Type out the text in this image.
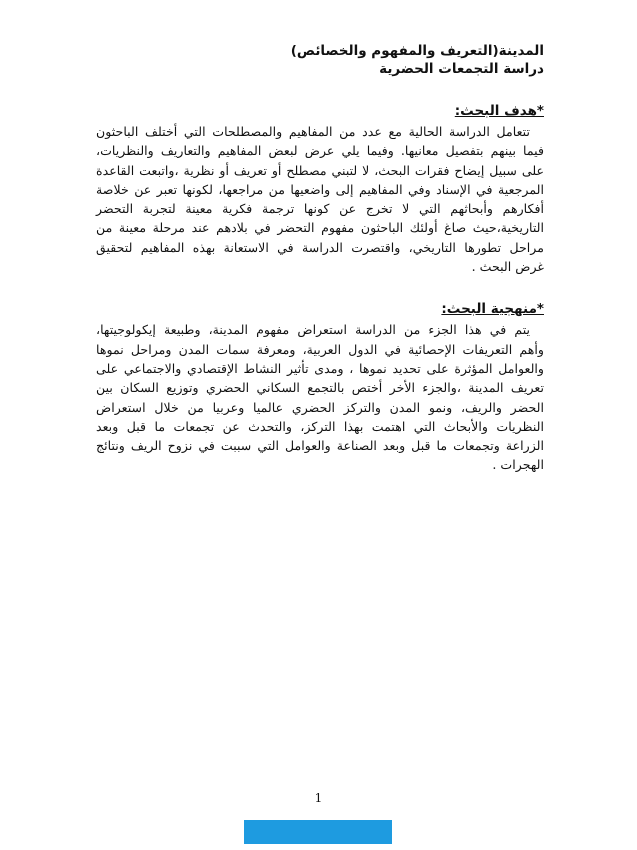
المدينة(التعريف والمفهوم والخصائص)

دراسة التجمعات الحضرية

*هدف البحث:

تتعامل الدراسة الحالية مع عدد من المفاهيم والمصطلحات التي أختلف الباحثون

فيما بينهم بتفصيل معانيها. وفيما يلي عرض لبعض المفاهيم والتعاريف والنظريات،

على سبيل إيضاح فقرات البحث، لا لتبني مصطلح أو تعريف أو نظرية ،واتبعت القاعدة

المرجعية في الإسناد وفي المفاهيم إلى واضعيها من مراجعها، لكونها تعبر عن خلاصة

أفكارهم وأبحاثهم التي لا تخرج عن كونها ترجمة فكرية معينة لتجربة التحضر

التاريخية،حيث صاغ أولئك الباحثون مفهوم التحضر في بلادهم عند مرحلة معينة من

مراحل تطورها التاريخي، واقتصرت الدراسة في الاستعانة بهذه المفاهيم لتحقيق

غرض البحث .

*منهجية البحث:

يتم في هذا الجزء من الدراسة استعراض مفهوم المدينة، وطبيعة إيكولوجيتها،

وأهم التعريفات الإحصائية في الدول العربية، ومعرفة سمات المدن ومراحل نموها

والعوامل المؤثرة على تحديد نموها ، ومدى تأثير النشاط الإقتصادي والاجتماعي على

تعريف المدينة ،والجزء الأخر أختص بالتجمع السكاني الحضري وتوزيع السكان بين

الحضر والريف، ونمو المدن والتركز الحضري عالميا وعربيا من خلال استعراض

النظريات والأبحاث التي اهتمت بهذا التركز، والتحدث عن تجمعات ما قبل وبعد

الزراعة وتجمعات ما قبل وبعد الصناعة والعوامل التي سببت في نزوح الريف ونتائج

الهجرات .

1
